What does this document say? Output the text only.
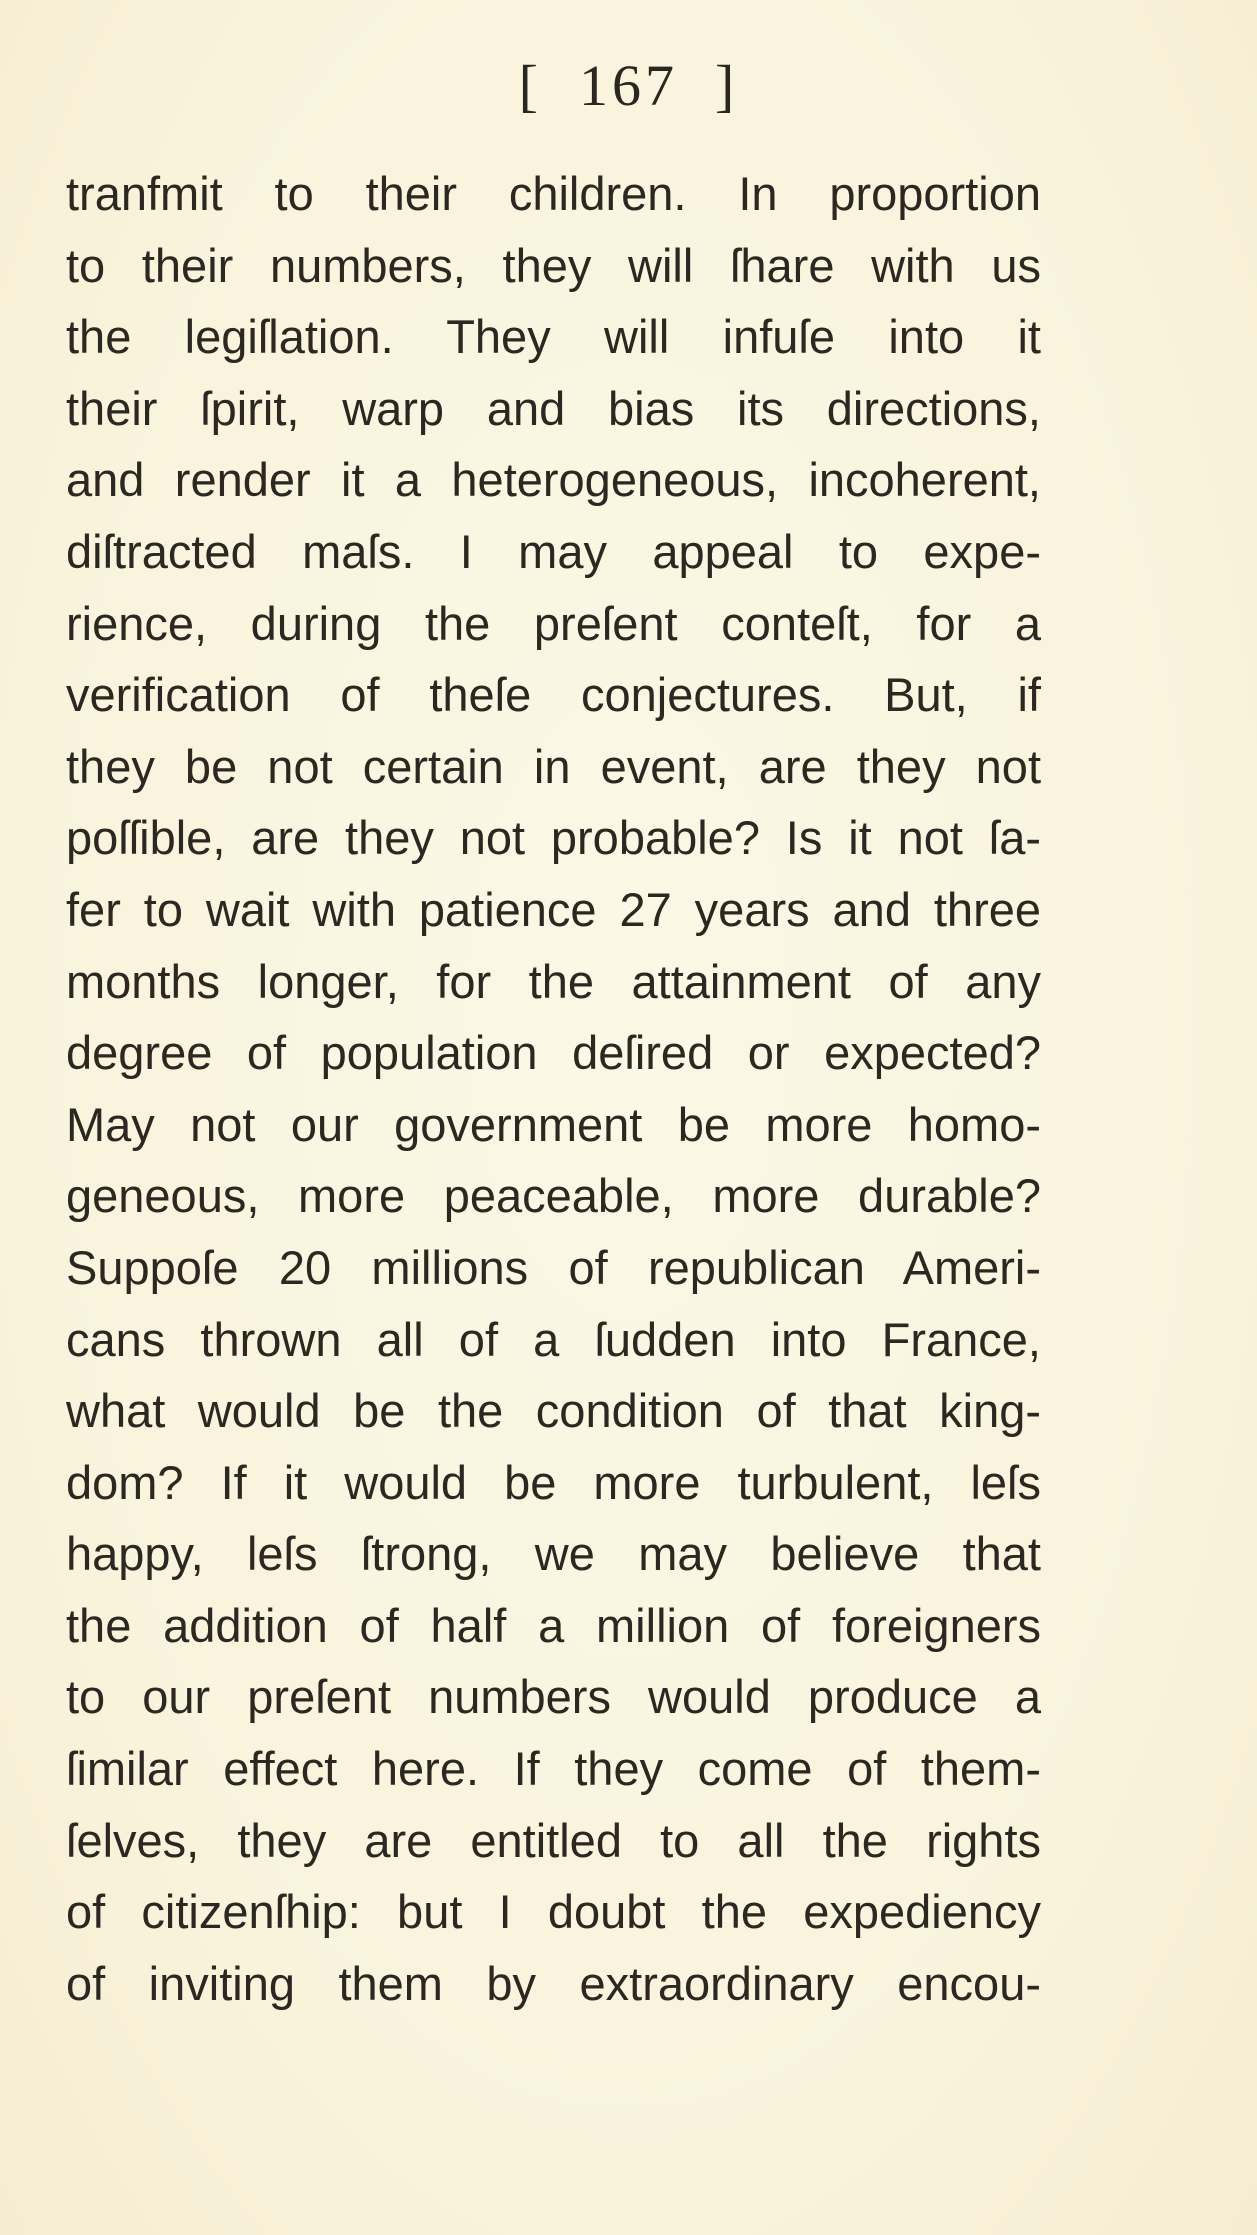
[  167  ]
tranfmit to their children. In proportion
to their numbers, they will ſhare with us
the legiſlation. They will infuſe into it
their ſpirit, warp and bias its directions,
and render it a heterogeneous, incoherent,
diſtracted maſs. I may appeal to expe-
rience, during the preſent conteſt, for a
verification of theſe conjectures. But, if
they be not certain in event, are they not
poſſible, are they not probable? Is it not ſa-
fer to wait with patience 27 years and three
months longer, for the attainment of any
degree of population deſired or expected?
May not our government be more homo-
geneous, more peaceable, more durable?
Suppoſe 20 millions of republican Ameri-
cans thrown all of a ſudden into France,
what would be the condition of that king-
dom? If it would be more turbulent, leſs
happy, leſs ſtrong, we may believe that
the addition of half a million of foreigners
to our preſent numbers would produce a
ſimilar effect here. If they come of them-
ſelves, they are entitled to all the rights
of citizenſhip: but I doubt the expediency
of inviting them by extraordinary encou-
